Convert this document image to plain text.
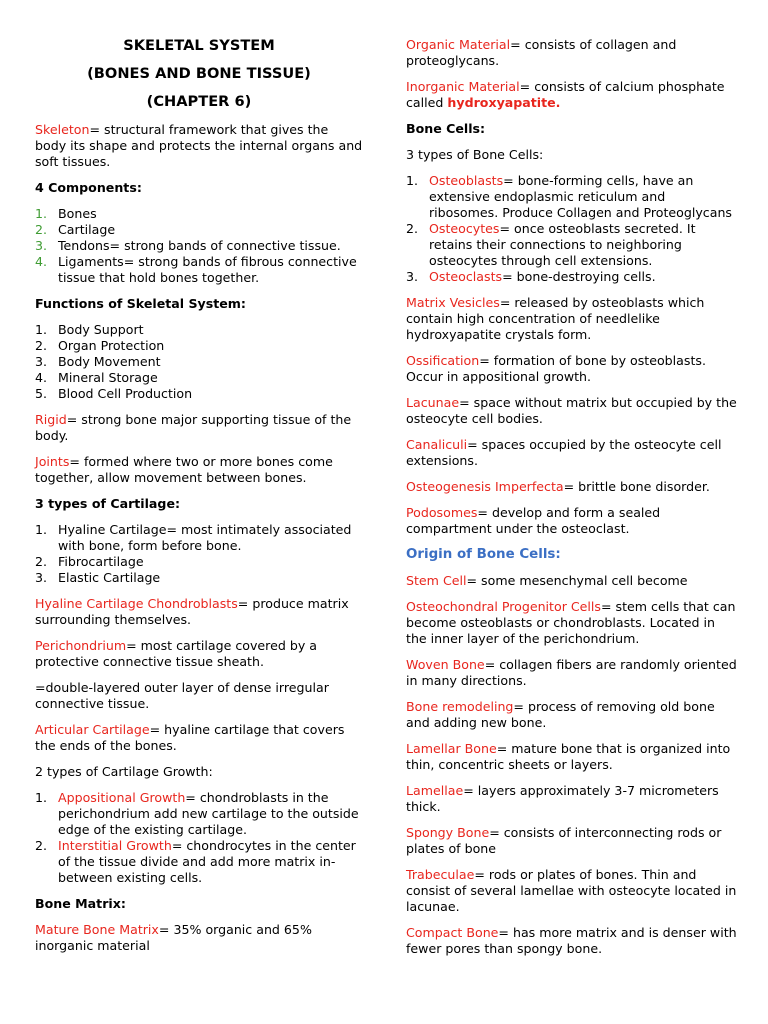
SKELETAL SYSTEM

(BONES AND BONE TISSUE)

(CHAPTER 6)

Skeleton= structural framework that gives the body its shape and protects the internal organs and soft tissues.

4 Components:

1. Bones
2. Cartilage
3. Tendons= strong bands of connective tissue.
4. Ligaments= strong bands of fibrous connective tissue that hold bones together.

Functions of Skeletal System:

1. Body Support
2. Organ Protection
3. Body Movement
4. Mineral Storage
5. Blood Cell Production

Rigid= strong bone major supporting tissue of the body.

Joints= formed where two or more bones come together, allow movement between bones.

3 types of Cartilage:

1. Hyaline Cartilage= most intimately associated with bone, form before bone.
2. Fibrocartilage
3. Elastic Cartilage

Hyaline Cartilage Chondroblasts= produce matrix surrounding themselves.

Perichondrium= most cartilage covered by a protective connective tissue sheath.

=double-layered outer layer of dense irregular connective tissue.

Articular Cartilage= hyaline cartilage that covers the ends of the bones.

2 types of Cartilage Growth:

1. Appositional Growth= chondroblasts in the perichondrium add new cartilage to the outside edge of the existing cartilage.
2. Interstitial Growth= chondrocytes in the center of the tissue divide and add more matrix in-between existing cells.

Bone Matrix:

Mature Bone Matrix= 35% organic and 65% inorganic material

Organic Material= consists of collagen and proteoglycans.

Inorganic Material= consists of calcium phosphate called hydroxyapatite.

Bone Cells:

3 types of Bone Cells:

1. Osteoblasts= bone-forming cells, have an extensive endoplasmic reticulum and ribosomes. Produce Collagen and Proteoglycans
2. Osteocytes= once osteoblasts secreted. It retains their connections to neighboring osteocytes through cell extensions.
3. Osteoclasts= bone-destroying cells.

Matrix Vesicles= released by osteoblasts which contain high concentration of needlelike hydroxyapatite crystals form.

Ossification= formation of bone by osteoblasts. Occur in appositional growth.

Lacunae= space without matrix but occupied by the osteocyte cell bodies.

Canaliculi= spaces occupied by the osteocyte cell extensions.

Osteogenesis Imperfecta= brittle bone disorder.

Podosomes= develop and form a sealed compartment under the osteoclast.

Origin of Bone Cells:

Stem Cell= some mesenchymal cell become

Osteochondral Progenitor Cells= stem cells that can become osteoblasts or chondroblasts. Located in the inner layer of the perichondrium.

Woven Bone= collagen fibers are randomly oriented in many directions.

Bone remodeling= process of removing old bone and adding new bone.

Lamellar Bone= mature bone that is organized into thin, concentric sheets or layers.

Lamellae= layers approximately 3-7 micrometers thick.

Spongy Bone= consists of interconnecting rods or plates of bone

Trabeculae= rods or plates of bones. Thin and consist of several lamellae with osteocyte located in lacunae.

Compact Bone= has more matrix and is denser with fewer pores than spongy bone.
